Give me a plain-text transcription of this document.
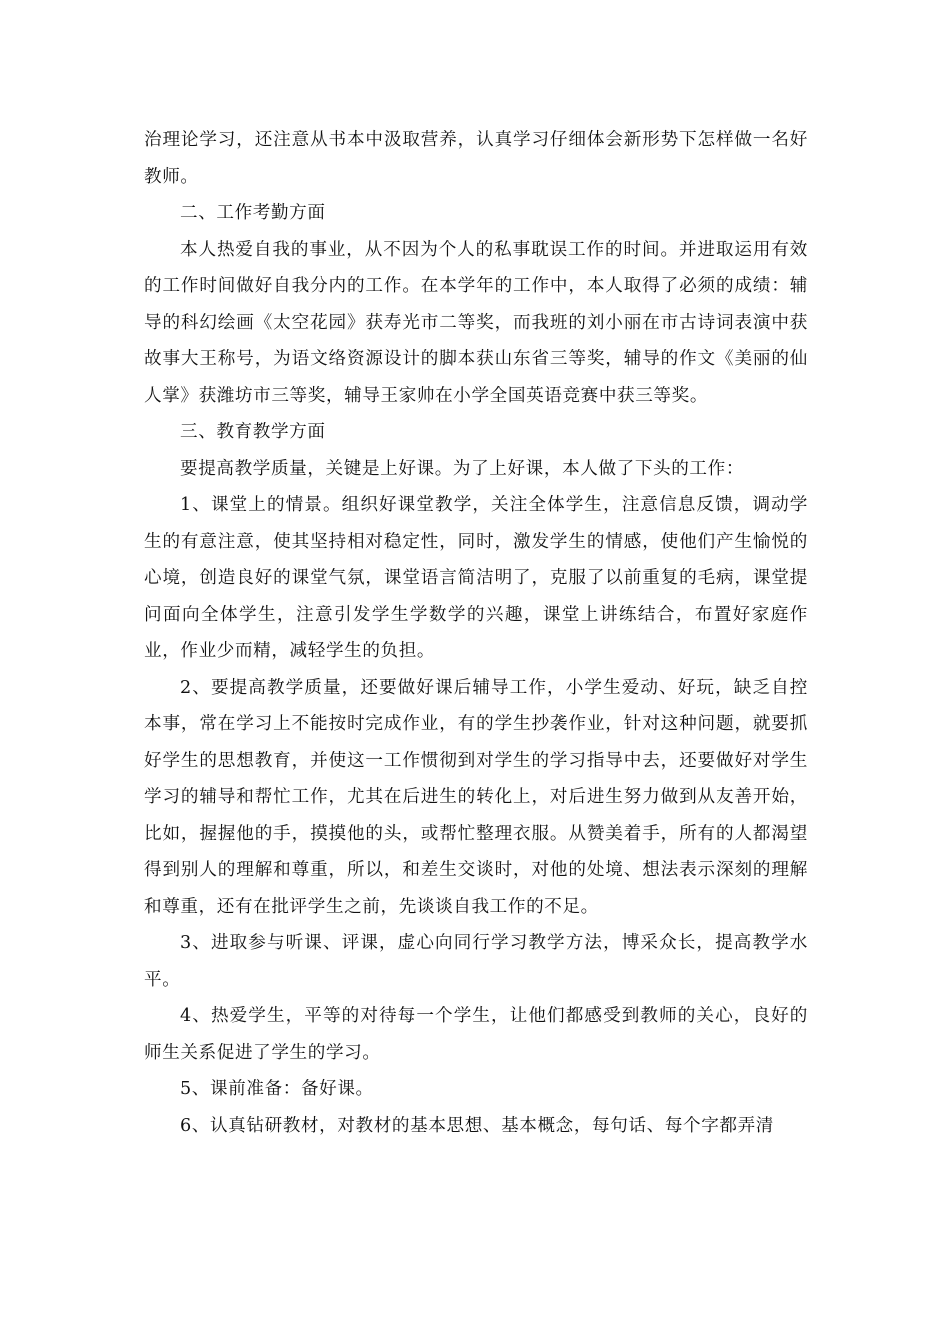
治理论学习，还注意从书本中汲取营养，认真学习仔细体会新形势下怎样做一名好教师。

二、工作考勤方面

本人热爱自我的事业，从不因为个人的私事耽误工作的时间。并进取运用有效的工作时间做好自我分内的工作。在本学年的工作中，本人取得了必须的成绩：辅导的科幻绘画《太空花园》获寿光市二等奖，而我班的刘小丽在市古诗词表演中获故事大王称号，为语文络资源设计的脚本获山东省三等奖，辅导的作文《美丽的仙人掌》获潍坊市三等奖，辅导王家帅在小学全国英语竞赛中获三等奖。

三、教育教学方面

要提高教学质量，关键是上好课。为了上好课，本人做了下头的工作：

1、课堂上的情景。组织好课堂教学，关注全体学生，注意信息反馈，调动学生的有意注意，使其坚持相对稳定性，同时，激发学生的情感，使他们产生愉悦的心境，创造良好的课堂气氛，课堂语言简洁明了，克服了以前重复的毛病，课堂提问面向全体学生，注意引发学生学数学的兴趣，课堂上讲练结合，布置好家庭作业，作业少而精，减轻学生的负担。

2、要提高教学质量，还要做好课后辅导工作，小学生爱动、好玩，缺乏自控本事，常在学习上不能按时完成作业，有的学生抄袭作业，针对这种问题，就要抓好学生的思想教育，并使这一工作惯彻到对学生的学习指导中去，还要做好对学生学习的辅导和帮忙工作，尤其在后进生的转化上，对后进生努力做到从友善开始，比如，握握他的手，摸摸他的头，或帮忙整理衣服。从赞美着手，所有的人都渴望得到别人的理解和尊重，所以，和差生交谈时，对他的处境、想法表示深刻的理解和尊重，还有在批评学生之前，先谈谈自我工作的不足。

3、进取参与听课、评课，虚心向同行学习教学方法，博采众长，提高教学水平。

4、热爱学生，平等的对待每一个学生，让他们都感受到教师的关心，良好的师生关系促进了学生的学习。

5、课前准备：备好课。

6、认真钻研教材，对教材的基本思想、基本概念，每句话、每个字都弄清
